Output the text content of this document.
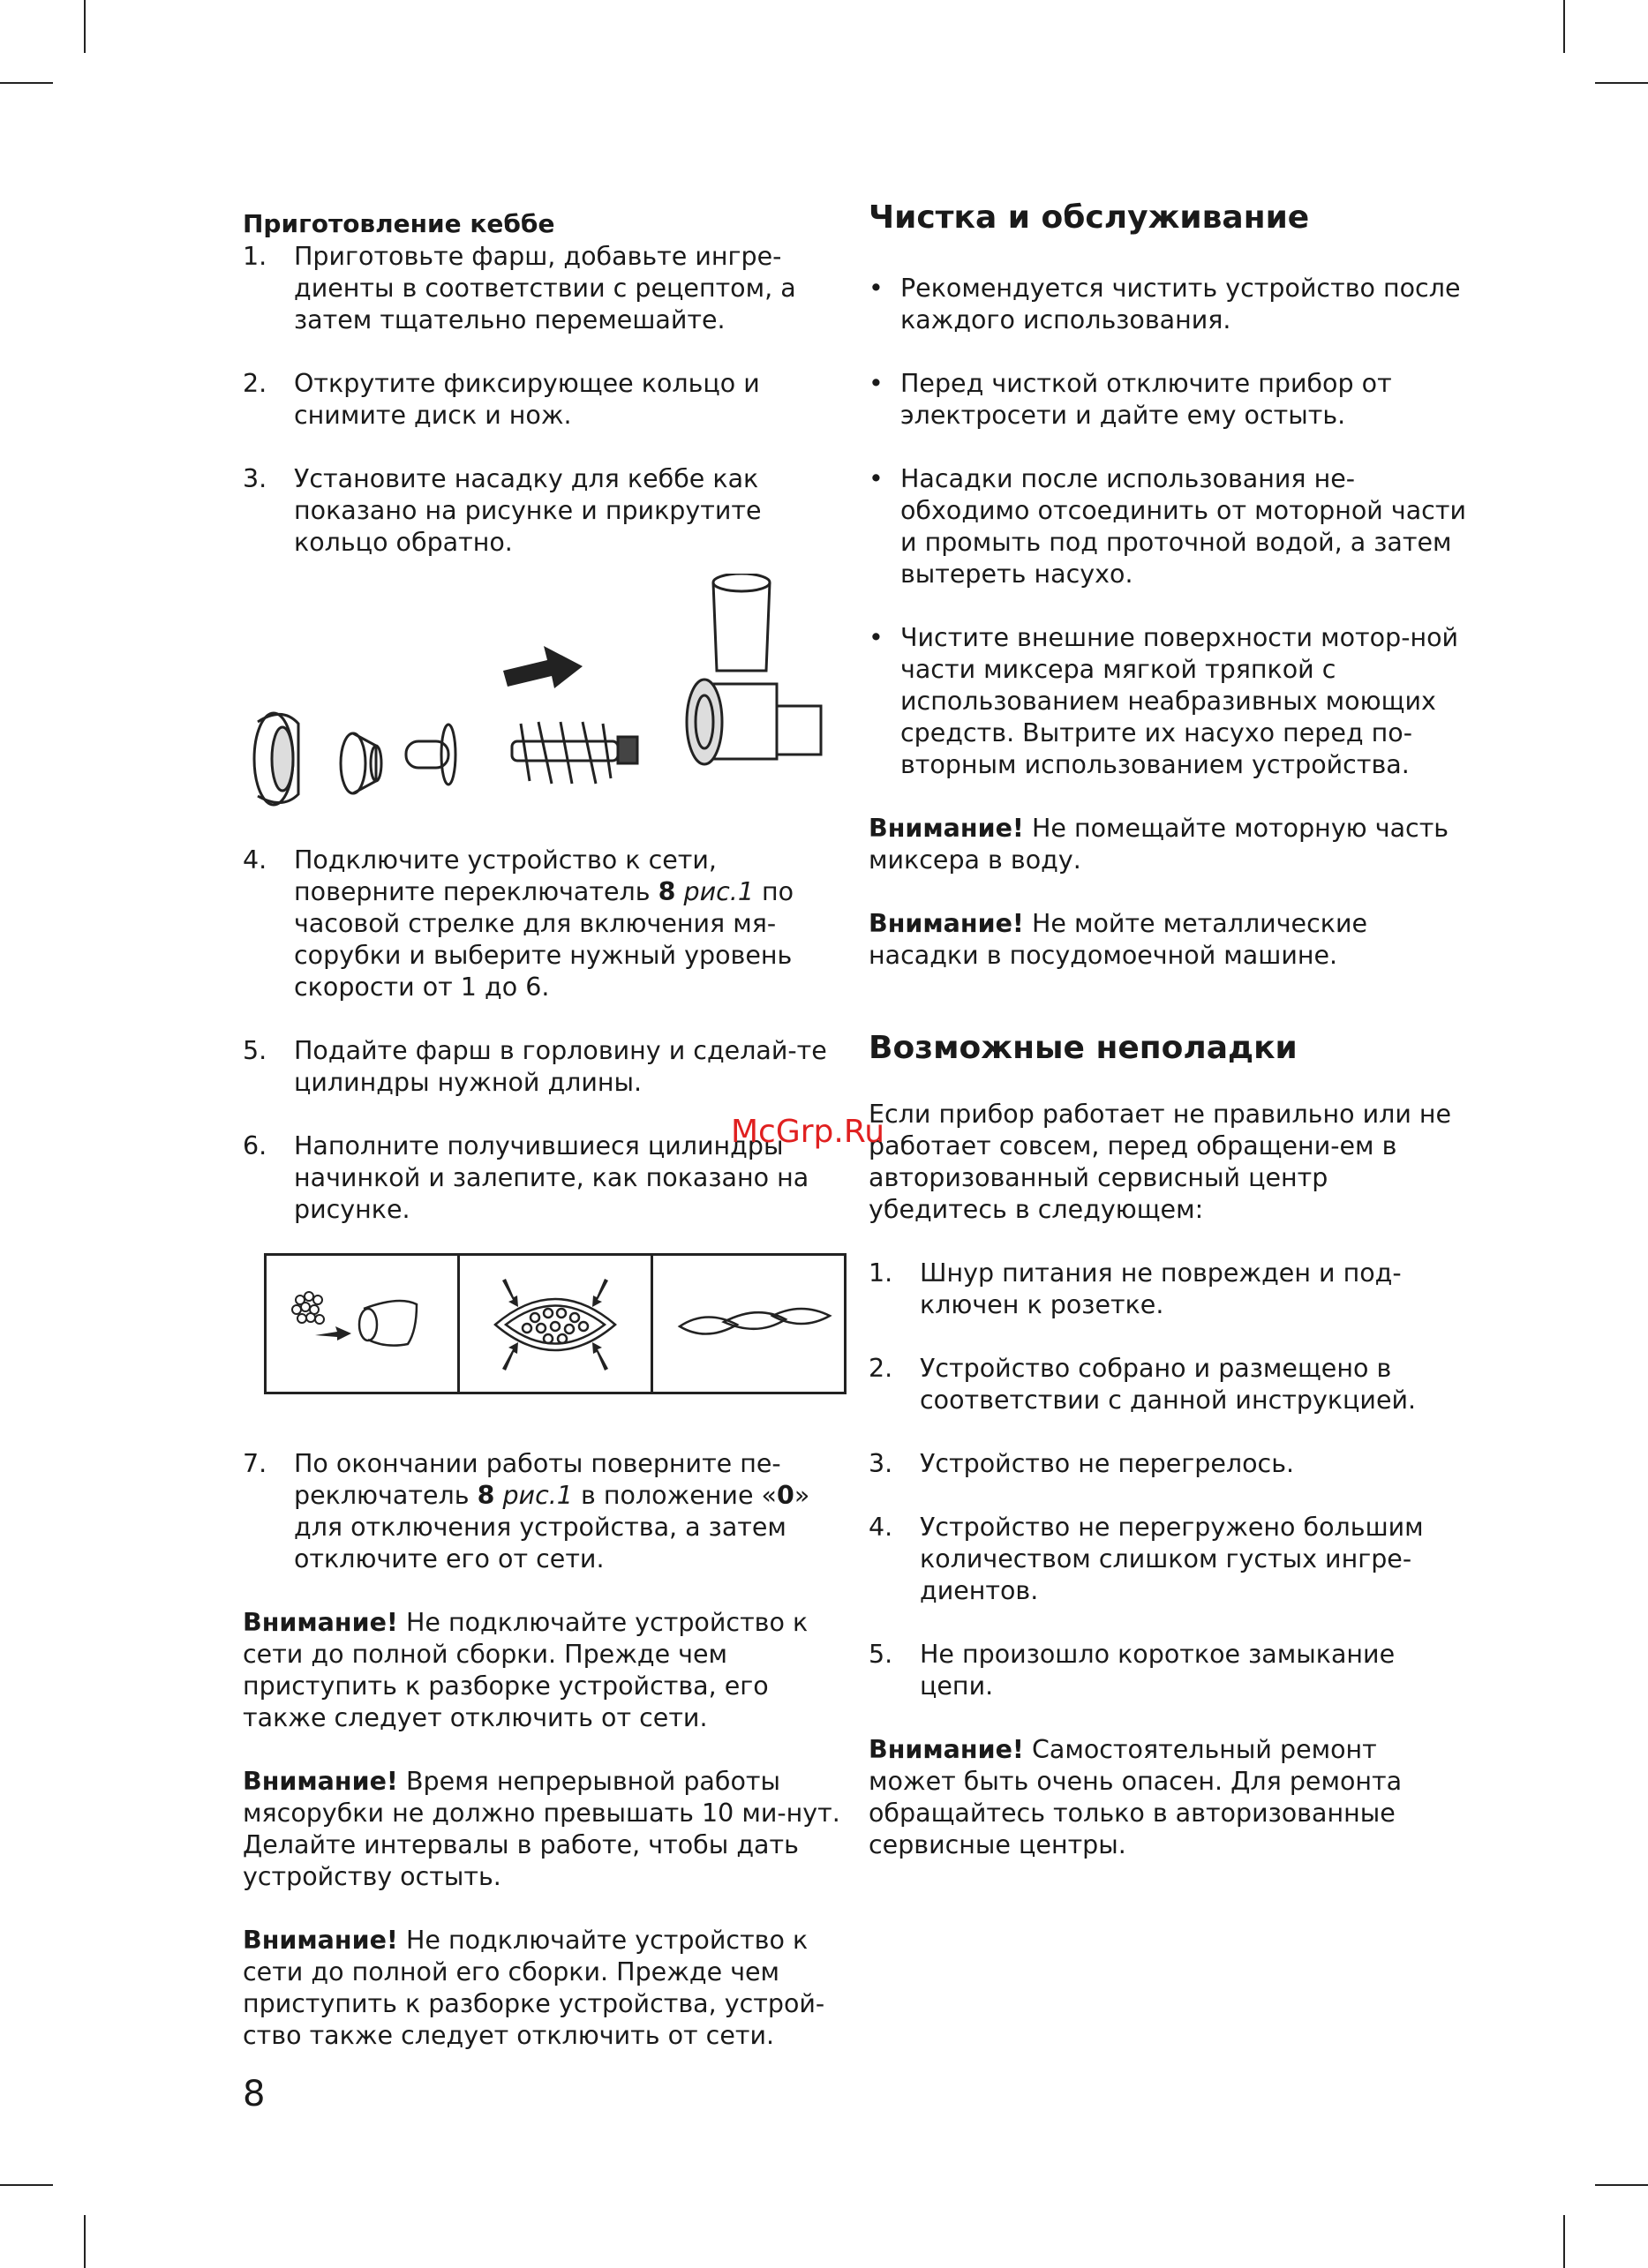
Приготовление кеббе
1. Приготовьте фарш, добавьте ингре-диенты в соответствии с рецептом, а затем тщательно перемешайте.
2. Открутите фиксирующее кольцо и снимите диск и нож.
3. Установите насадку для кеббе как показано на рисунке и прикрутите кольцо обратно.
4. Подключите устройство к сети, поверните переключатель 8 рис.1 по часовой стрелке для включения мя-сорубки и выберите нужный уровень скорости от 1 до 6.
5. Подайте фарш в горловину и сделай-те цилиндры нужной длины.
6. Наполните получившиеся цилиндры начинкой и залепите, как показано на рисунке.
7. По окончании работы поверните пе-реключатель 8 рис.1 в положение «0» для отключения устройства, а затем отключите его от сети.
Внимание! Не подключайте устройство к сети до полной сборки. Прежде чем приступить к разборке устройства, его также следует отключить от сети.
Внимание! Время непрерывной работы мясорубки не должно превышать 10 ми-нут. Делайте интервалы в работе, чтобы дать устройству остыть.
Внимание! Не подключайте устройство к сети до полной его сборки. Прежде чем приступить к разборке устройства, устрой-ство также следует отключить от сети.
Чистка и обслуживание
• Рекомендуется чистить устройство после каждого использования.
• Перед чисткой отключите прибор от электросети и дайте ему остыть.
• Насадки после использования не-обходимо отсоединить от моторной части и промыть под проточной водой, а затем вытереть насухо.
• Чистите внешние поверхности мотор-ной части миксера мягкой тряпкой с использованием неабразивных моющих средств. Вытрите их насухо перед по-вторным использованием устройства.
Внимание! Не помещайте моторную часть миксера в воду.
Внимание! Не мойте металлические насадки в посудомоечной машине.
Возможные неполадки
Если прибор работает не правильно или не работает совсем, перед обращени-ем в авторизованный сервисный центр убедитесь в следующем:
1. Шнур питания не поврежден и под-ключен к розетке.
2. Устройство собрано и размещено в соответствии с данной инструкцией.
3. Устройство не перегрелось.
4. Устройство не перегружено большим количеством слишком густых ингре-диентов.
5. Не произошло короткое замыкание цепи.
Внимание! Самостоятельный ремонт может быть очень опасен. Для ремонта обращайтесь только в авторизованные сервисные центры.
McGrp.Ru
8
